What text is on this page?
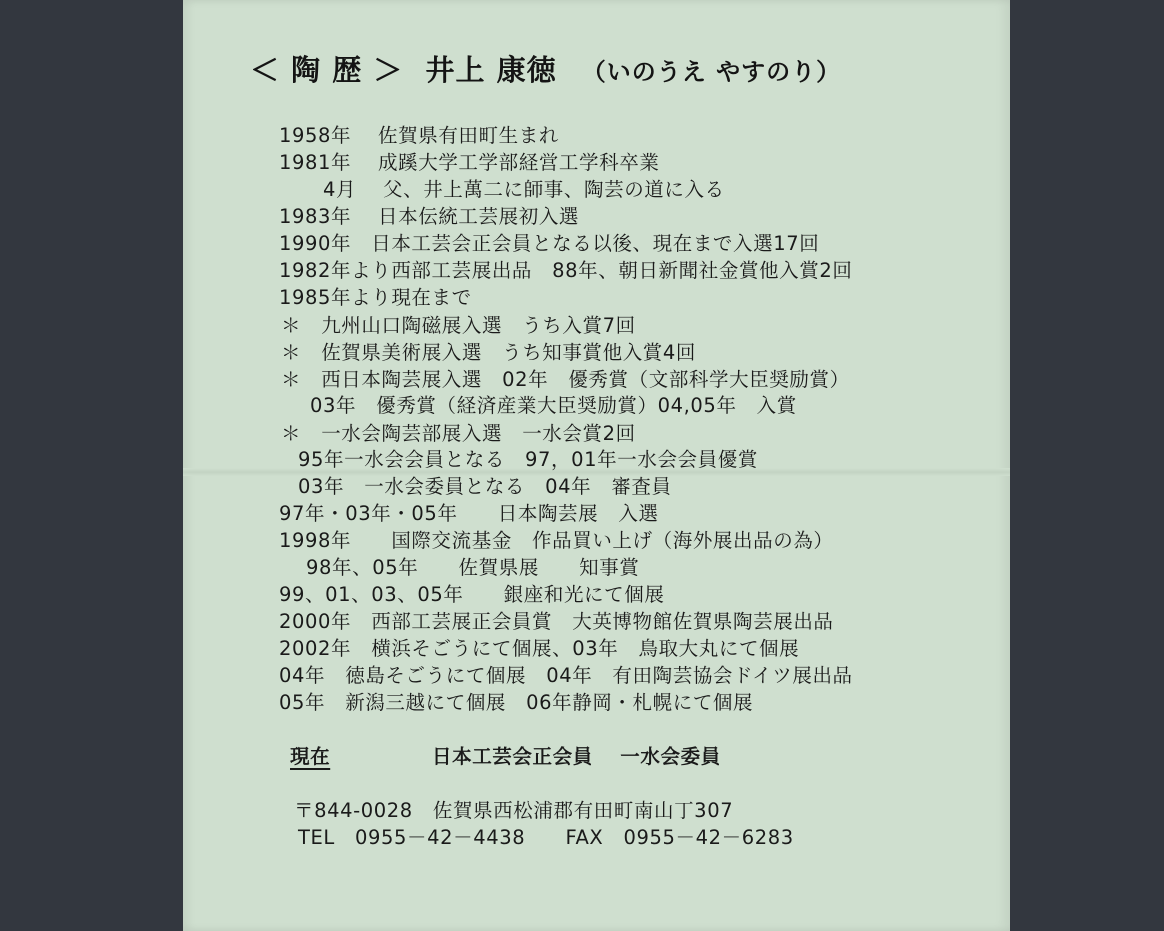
＜ 陶 歴 ＞ 井上 康徳 （いのうえ やすのり）
1958年　 佐賀県有田町生まれ
1981年　 成蹊大学工学部経営工学科卒業
4月　 父、井上萬二に師事、陶芸の道に入る
1983年　 日本伝統工芸展初入選
1990年　日本工芸会正会員となる以後、現在まで入選17回
1982年より西部工芸展出品　88年、朝日新聞社金賞他入賞2回
1985年より現在まで
＊　九州山口陶磁展入選　うち入賞7回
＊　佐賀県美術展入選　うち知事賞他入賞4回
＊　西日本陶芸展入選　02年　優秀賞（文部科学大臣奨励賞）
03年　優秀賞（経済産業大臣奨励賞）04,05年　入賞
＊　一水会陶芸部展入選　一水会賞2回
95年一水会会員となる　97，01年一水会会員優賞
03年　一水会委員となる　04年　審査員
97年・03年・05年　　日本陶芸展　入選
1998年　　国際交流基金　作品買い上げ（海外展出品の為）
98年、05年　　佐賀県展　　知事賞
99、01、03、05年　　銀座和光にて個展
2000年　西部工芸展正会員賞　大英博物館佐賀県陶芸展出品
2002年　横浜そごうにて個展、03年　鳥取大丸にて個展
04年　徳島そごうにて個展　04年　有田陶芸協会ドイツ展出品
05年　新潟三越にて個展　06年静岡・札幌にて個展
現在	日本工芸会正会員　 一水会委員
〒844-0028　佐賀県西松浦郡有田町南山丁307
TEL　0955－42－4438　　FAX　0955－42－6283
